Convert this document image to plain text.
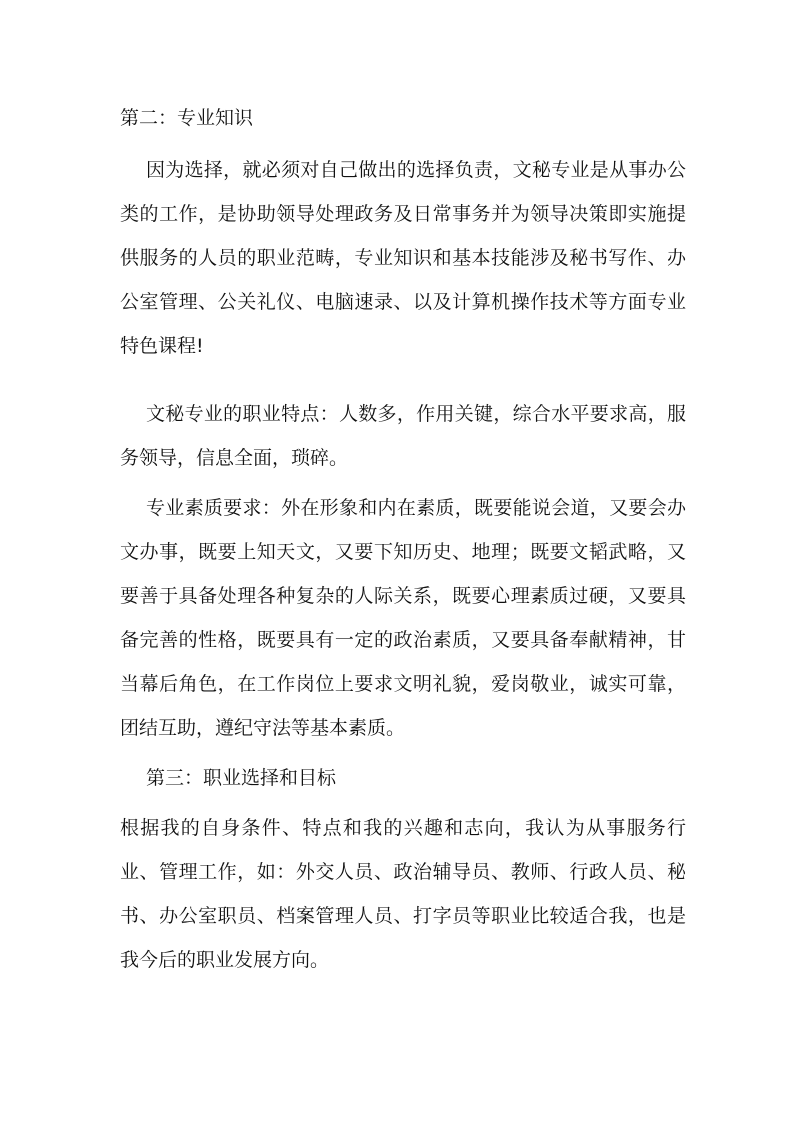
第二：专业知识

因为选择，就必须对自己做出的选择负责，文秘专业是从事办公类的工作，是协助领导处理政务及日常事务并为领导决策即实施提供服务的人员的职业范畴，专业知识和基本技能涉及秘书写作、办公室管理、公关礼仪、电脑速录、以及计算机操作技术等方面专业特色课程!

文秘专业的职业特点：人数多，作用关键，综合水平要求高，服务领导，信息全面，琐碎。

专业素质要求：外在形象和内在素质，既要能说会道，又要会办文办事，既要上知天文，又要下知历史、地理；既要文韬武略，又要善于具备处理各种复杂的人际关系，既要心理素质过硬，又要具备完善的性格，既要具有一定的政治素质，又要具备奉献精神，甘当幕后角色，在工作岗位上要求文明礼貌，爱岗敬业，诚实可靠，团结互助，遵纪守法等基本素质。

第三：职业选择和目标

根据我的自身条件、特点和我的兴趣和志向，我认为从事服务行业、管理工作，如：外交人员、政治辅导员、教师、行政人员、秘书、办公室职员、档案管理人员、打字员等职业比较适合我，也是我今后的职业发展方向。
